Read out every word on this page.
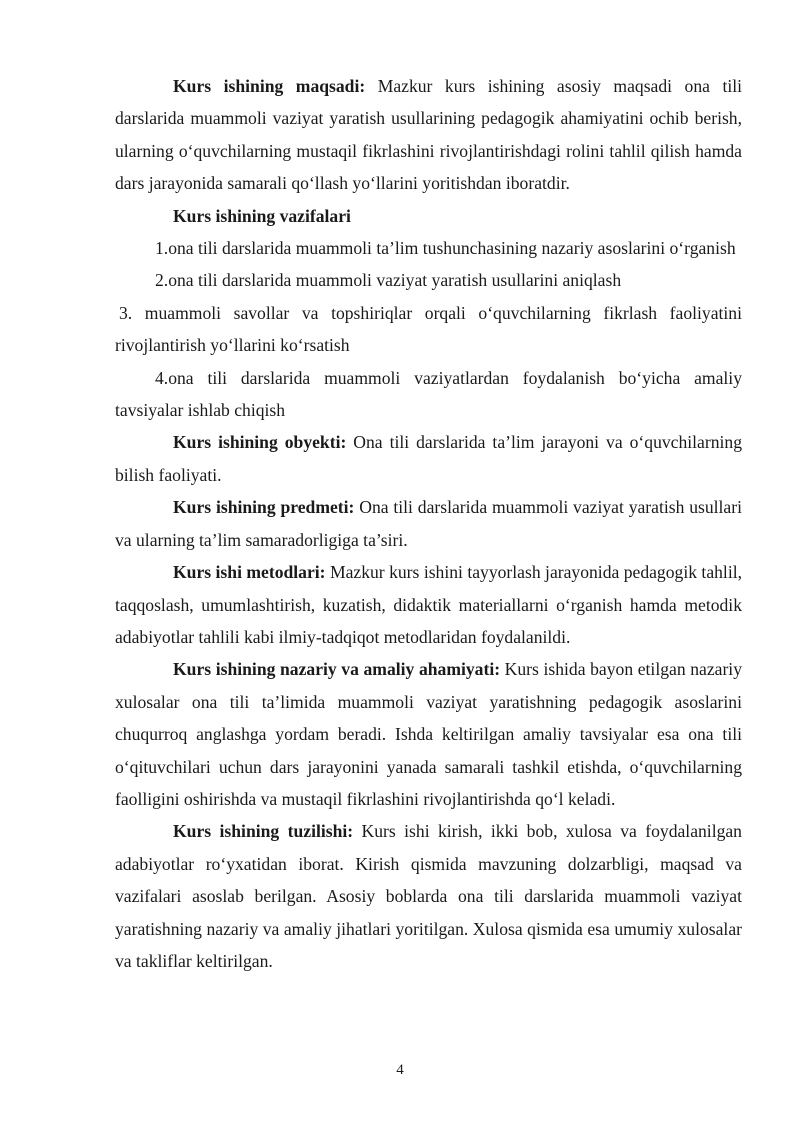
Kurs ishining maqsadi: Mazkur kurs ishining asosiy maqsadi ona tili darslarida muammoli vaziyat yaratish usullarining pedagogik ahamiyatini ochib berish, ularning o‘quvchilarning mustaqil fikrlashini rivojlantirishdagi rolini tahlil qilish hamda dars jarayonida samarali qo‘llash yo‘llarini yoritishdan iboratdir.

Kurs ishining vazifalari

1.ona tili darslarida muammoli ta’lim tushunchasining nazariy asoslarini o‘rganish

2.ona tili darslarida muammoli vaziyat yaratish usullarini aniqlash

3. muammoli savollar va topshiriqlar orqali o‘quvchilarning fikrlash faoliyatini rivojlantirish yo‘llarini ko‘rsatish

4.ona tili darslarida muammoli vaziyatlardan foydalanish bo‘yicha amaliy tavsiyalar ishlab chiqish

Kurs ishining obyekti: Ona tili darslarida ta’lim jarayoni va o‘quvchilarning bilish faoliyati.

Kurs ishining predmeti: Ona tili darslarida muammoli vaziyat yaratish usullari va ularning ta’lim samaradorligiga ta’siri.

Kurs ishi metodlari: Mazkur kurs ishini tayyorlash jarayonida pedagogik tahlil, taqqoslash, umumlashtirish, kuzatish, didaktik materiallarni o‘rganish hamda metodik adabiyotlar tahlili kabi ilmiy-tadqiqot metodlaridan foydalanildi.

Kurs ishining nazariy va amaliy ahamiyati: Kurs ishida bayon etilgan nazariy xulosalar ona tili ta’limida muammoli vaziyat yaratishning pedagogik asoslarini chuqurroq anglashga yordam beradi. Ishda keltirilgan amaliy tavsiyalar esa ona tili o‘qituvchilari uchun dars jarayonini yanada samarali tashkil etishda, o‘quvchilarning faolligini oshirishda va mustaqil fikrlashini rivojlantirishda qo‘l keladi.

Kurs ishining tuzilishi: Kurs ishi kirish, ikki bob, xulosa va foydalanilgan adabiyotlar ro‘yxatidan iborat. Kirish qismida mavzuning dolzarbligi, maqsad va vazifalari asoslab berilgan. Asosiy boblarda ona tili darslarida muammoli vaziyat yaratishning nazariy va amaliy jihatlari yoritilgan. Xulosa qismida esa umumiy xulosalar va takliflar keltirilgan.

4
